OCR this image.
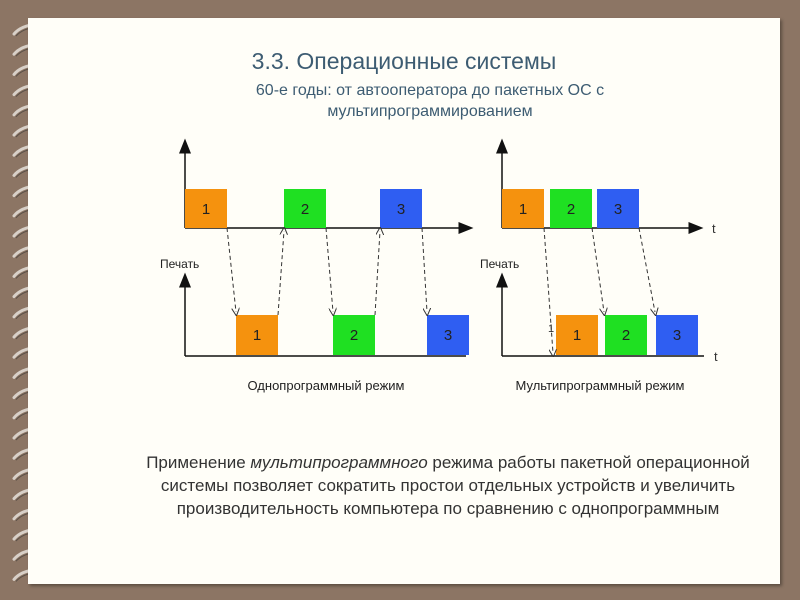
3.3. Операционные системы
60-е годы: от автооператора до пакетных ОС с мультипрограммированием
1	2	3
1	2	3
Печать
Однопрограммный режим
1	2	3
1	2	3
t
t
1
Печать
Мультипрограммный режим
Применение мультипрограммного режима работы пакетной операционной системы позволяет сократить простои отдельных устройств и увеличить производительность компьютера по сравнению с однопрограммным
